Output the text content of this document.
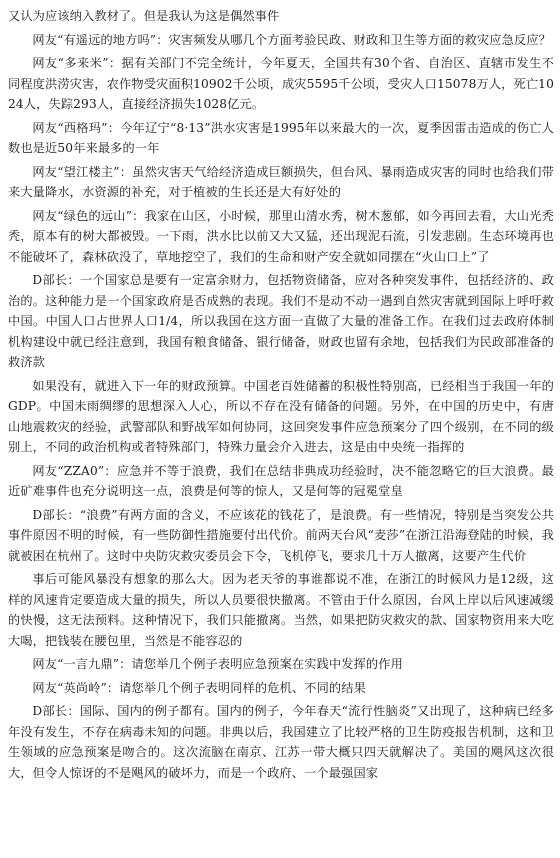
又认为应该纳入教材了。但是我认为这是偶然事件

网友“有遥远的地方吗”：灾害频发从哪几个方面考验民政、财政和卫生等方面的救灾应急反应？

网友“多来米”：据有关部门不完全统计，今年夏天，全国共有30个省、自治区、直辖市发生不同程度洪涝灾害，农作物受灾面积10902千公顷，成灾5595千公顷，受灾人口15078万人，死亡1024人，失踪293人，直接经济损失1028亿元。

网友“西格玛”：今年辽宁“8·13”洪水灾害是1995年以来最大的一次，夏季因雷击造成的伤亡人数也是近50年来最多的一年

网友“望江楼主”：虽然灾害天气给经济造成巨额损失，但台风、暴雨造成灾害的同时也给我们带来大量降水，水资源的补充，对于植被的生长还是大有好处的

网友“绿色的远山”：我家在山区，小时候，那里山清水秀，树木葱郁，如今再回去看，大山光秃秃，原本有的树大都被毁。一下雨，洪水比以前又大又猛，还出现泥石流，引发悲剧。生态环境再也不能破坏了，森林砍没了，草地挖空了，我们的生命和财产安全就如同摆在“火山口上”了

D部长：一个国家总是要有一定富余财力，包括物资储备，应对各种突发事件，包括经济的、政治的。这种能力是一个国家政府是否成熟的表现。我们不是动不动一遇到自然灾害就到国际上呼吁救中国。中国人口占世界人口1/4，所以我国在这方面一直做了大量的准备工作。在我们过去政府体制机构建设中就已经注意到，我国有粮食储备、银行储备，财政也留有余地，包括我们为民政部准备的救济款

如果没有，就进入下一年的财政预算。中国老百姓储蓄的积极性特别高，已经相当于我国一年的GDP。中国未雨绸缪的思想深入人心，所以不存在没有储备的问题。另外，在中国的历史中，有唐山地震救灾的经验，武警部队和野战军如何协同，这回突发事件应急预案分了四个级别，在不同的级别上，不同的政治机构或者特殊部门，特殊力量会介入进去，这是由中央统一指挥的

网友“ZZA0”：应急并不等于浪费，我们在总结非典成功经验时，决不能忽略它的巨大浪费。最近矿难事件也充分说明这一点，浪费是何等的惊人，又是何等的冠冕堂皇

D部长：“浪费”有两方面的含义，不应该花的钱花了，是浪费。有一些情况，特别是当突发公共事件原因不明的时候，有一些防御性措施要付出代价。前两天台风“麦莎”在浙江沿海登陆的时候，我就被困在杭州了。这时中央防灾救灾委员会下令，飞机停飞，要求几十万人撤离，这要产生代价

事后可能风暴没有想象的那么大。因为老天爷的事谁都说不准，在浙江的时候风力是12级，这样的风速肯定要造成大量的损失，所以人员要很快撤离。不管由于什么原因，台风上岸以后风速减缓的快慢，这无法预料。这种情况下，我们只能撤离。当然，如果把防灾救灾的款、国家物资用来大吃大喝，把钱装在腰包里，当然是不能容忍的

网友“一言九鼎”：请您举几个例子表明应急预案在实践中发挥的作用

网友“英尚岭”：请您举几个例子表明同样的危机、不同的结果

D部长：国际、国内的例子都有。国内的例子，今年春天“流行性脑炎”又出现了，这种病已经多年没有发生，不存在病毒未知的问题。非典以后，我国建立了比较严格的卫生防疫报告机制，这和卫生领域的应急预案是吻合的。这次流脑在南京、江苏一带大概只四天就解决了。美国的飓风这次很大，但令人惊讶的不是飓风的破坏力，而是一个政府、一个最强国家
